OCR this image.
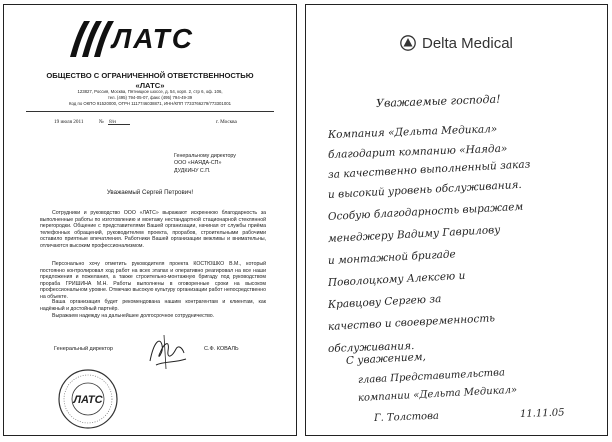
ЛАТС
ОБЩЕСТВО С ОГРАНИЧЕННОЙ ОТВЕТСТВЕННОСТЬЮ
«ЛАТС»
123827, Россия, Москва, Пятницкое шоссе, д. 54, корп. 2, стр 6, оф. 106,
тел. (495) 794-05-07, факс (495) 794-49-39
Код по ОКПО 91520000, ОГРН 1117746038871, ИНН/КПП 7733766279/773301001
19 июля 2011	№ 8/н	г. Москва
Генеральному директору
ООО «НАЯДА-СП»
ДУДКИНУ С.П.
Уважаемый Сергей Петрович!

Сотрудники и руководство ООО «ЛАТС» выражают искреннюю благодарность за выполненные работы по изготовлению и монтажу нестандартной стационарной стеклянной перегородки. Общение с представителями Вашей организации, начиная от службы приёма телефонных обращений, руководителем проекта, прорабов, строительными рабочими оставило приятные впечатления. Работники Вашей организации вежливы и внимательны, отличаются высоким профессионализмом.

Персонально хочу отметить руководителя проекта КОСТЮШКО В.М., который постоянно контролировал ход работ на всех этапах и оперативно реагировал на все наши предложения и пожелания, а также строительно-монтажную бригаду под руководством прораба ГРИШИНА М.Н. Работы выполнены в оговоренные сроки на высоком профессиональном уровне. Отмечаю высокую культуру организации работ непосредственно на объекте.

Ваша организация будет рекомендована нашим контрагентам и клиентам, как надёжный и достойный партнёр.

Выражаем надежду на дальнейшее долгосрочное сотрудничество.

Генеральный директор	С.Ф. КОВАЛЬ
ЛАТС
Delta Medical
Уважаемые господа!
Компания «Дельта Медикал»
благодарит компанию «Наяда»
за качественно выполненный заказ
и высокий уровень обслуживания.
Особую благодарность выражаем
менеджеру Вадиму Гаврилову
и монтажной бригаде
Поволоцкому Алексею и
Кравцову Сергею за
качество и своевременность
обслуживания.
С уважением,
глава Представительства
компании «Дельта Медикал»
Г. Толстова	11.11.05
